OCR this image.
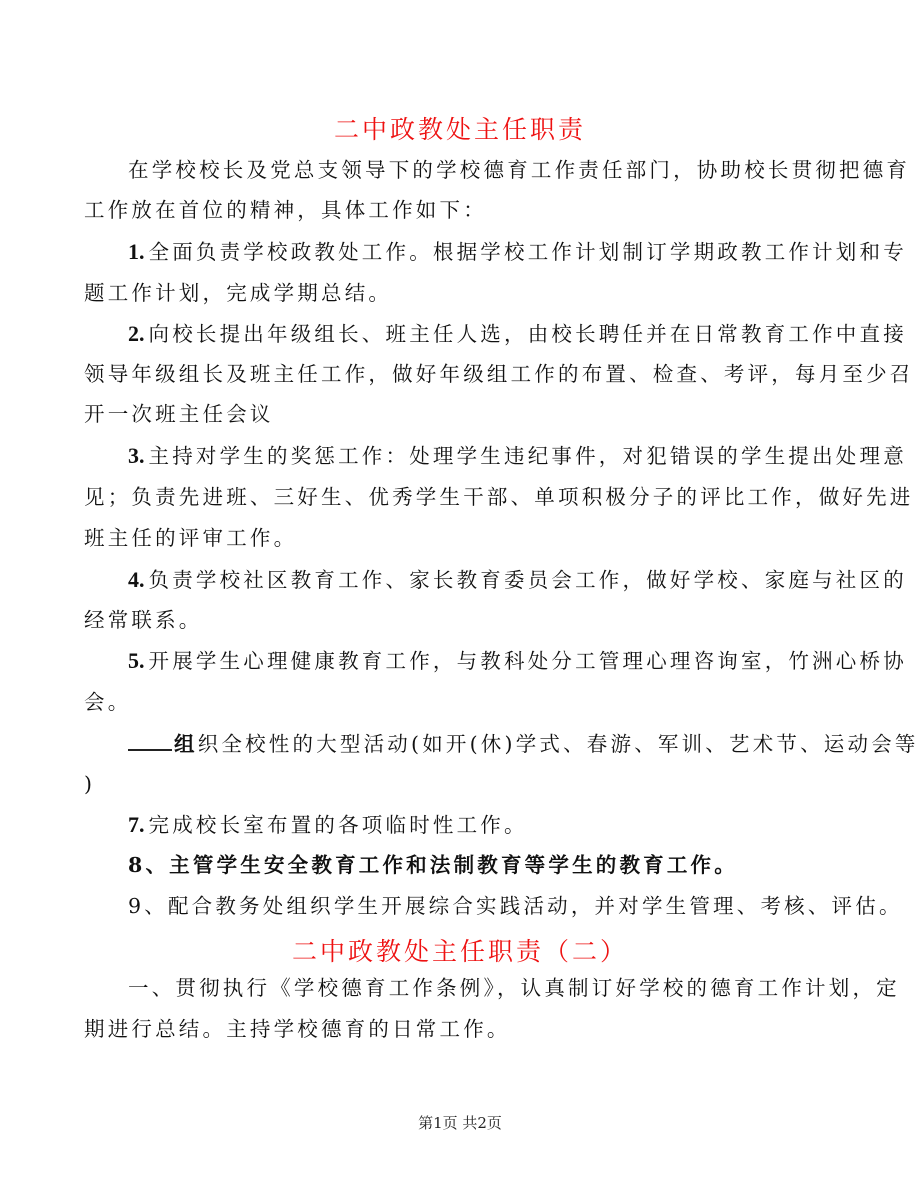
二中政教处主任职责
在学校校长及党总支领导下的学校德育工作责任部门，协助校长贯彻把德育
工作放在首位的精神，具体工作如下：
1. 全面负责学校政教处工作。根据学校工作计划制订学期政教工作计划和专
题工作计划，完成学期总结。
2. 向校长提出年级组长、班主任人选，由校长聘任并在日常教育工作中直接
领导年级组长及班主任工作，做好年级组工作的布置、检查、考评，每月至少召
开一次班主任会议
3. 主持对学生的奖惩工作：处理学生违纪事件，对犯错误的学生提出处理意
见；负责先进班、三好生、优秀学生干部、单项积极分子的评比工作，做好先进
班主任的评审工作。
4. 负责学校社区教育工作、家长教育委员会工作，做好学校、家庭与社区的
经常联系。
5. 开展学生心理健康教育工作，与教科处分工管理心理咨询室，竹洲心桥协
会。
组织全校性的大型活动(如开(休)学式、春游、军训、艺术节、运动会等
)
7. 完成校长室布置的各项临时性工作。
8、主管学生安全教育工作和法制教育等学生的教育工作。
9、配合教务处组织学生开展综合实践活动，并对学生管理、考核、评估。
二中政教处主任职责（二）
一、贯彻执行《学校德育工作条例》，认真制订好学校的德育工作计划，定
期进行总结。主持学校德育的日常工作。
第1页 共2页
